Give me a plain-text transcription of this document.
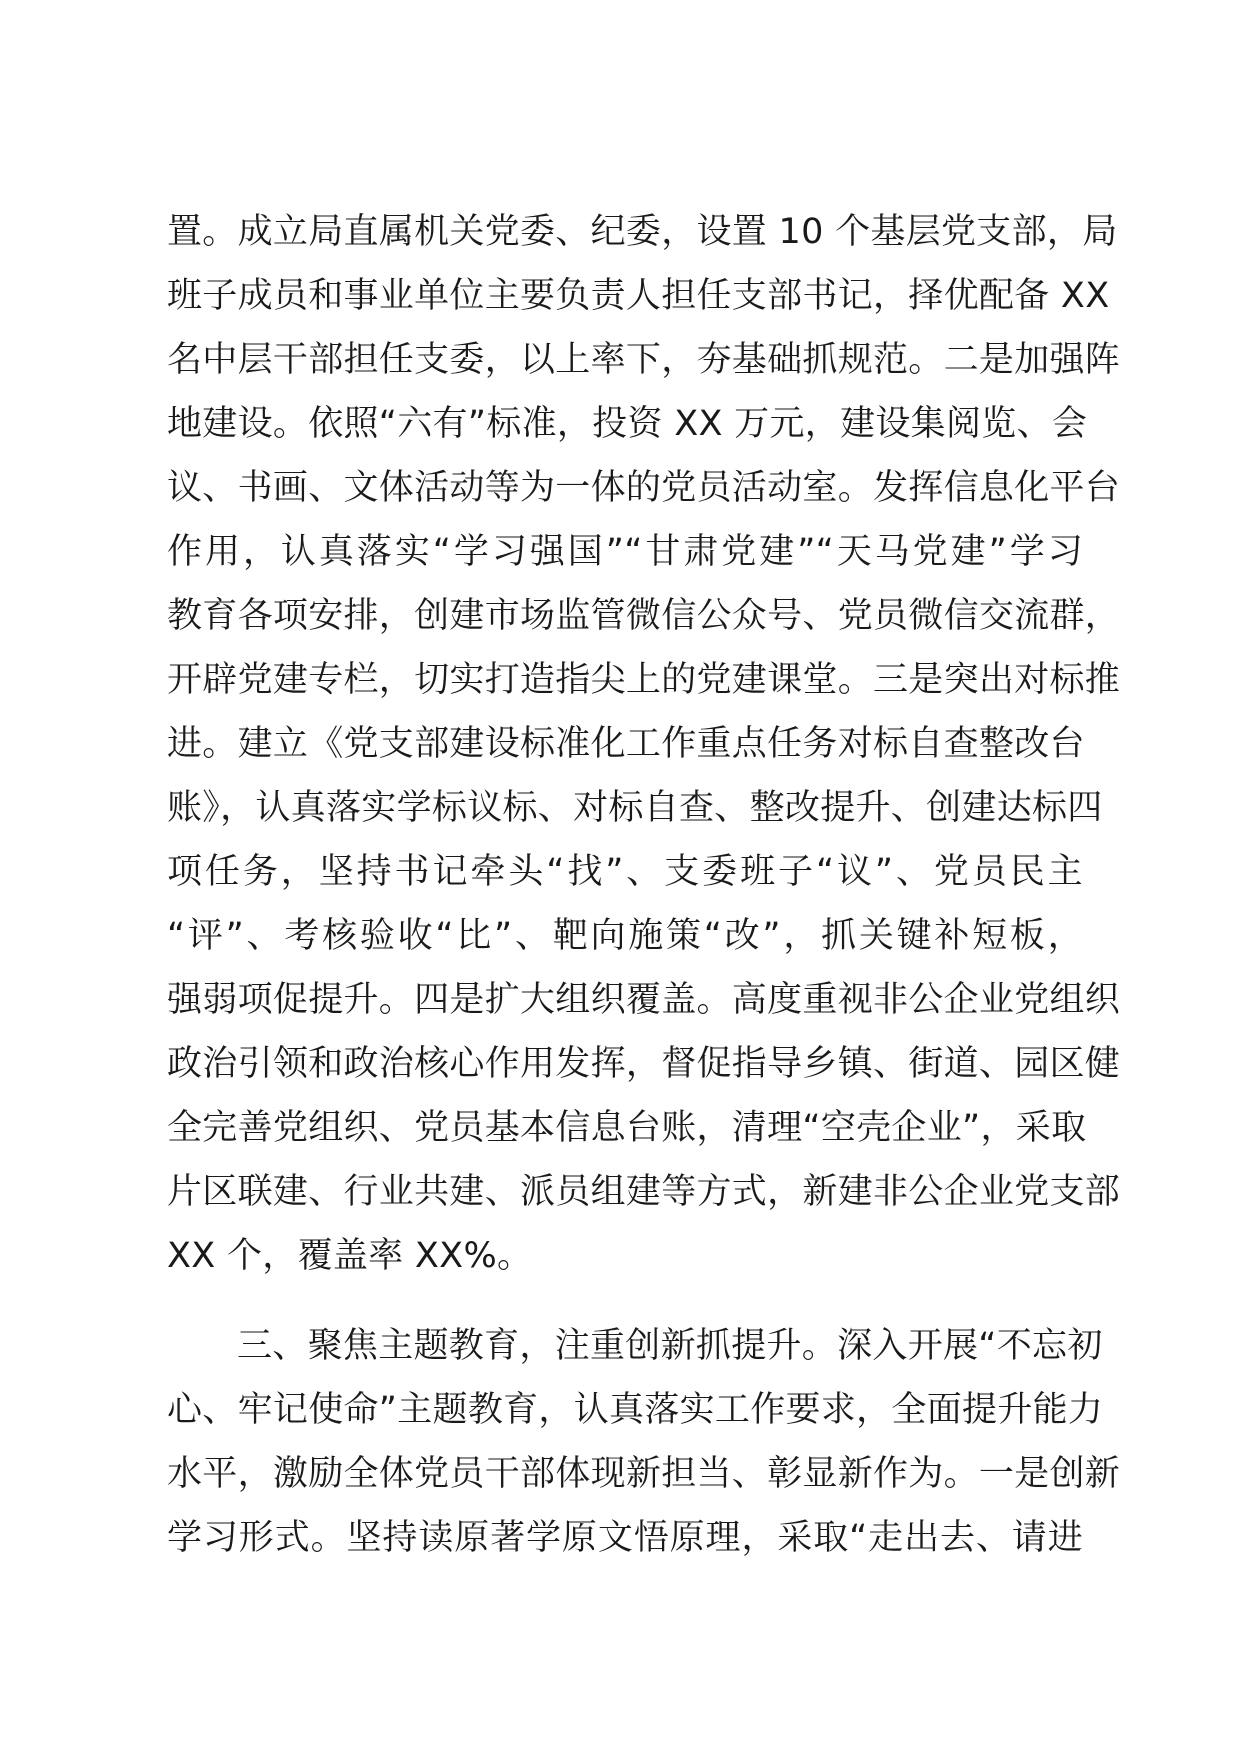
置。成立局直属机关党委、纪委，设置 10 个基层党支部，局
班子成员和事业单位主要负责人担任支部书记，择优配备 XX
名中层干部担任支委，以上率下，夯基础抓规范。二是加强阵
地建设。依照“六有”标准，投资 XX 万元，建设集阅览、会
议、书画、文体活动等为一体的党员活动室。发挥信息化平台
作用，认真落实“学习强国”“甘肃党建”“天马党建”学习
教育各项安排，创建市场监管微信公众号、党员微信交流群，
开辟党建专栏，切实打造指尖上的党建课堂。三是突出对标推
进。建立《党支部建设标准化工作重点任务对标自查整改台
账》，认真落实学标议标、对标自查、整改提升、创建达标四
项任务，坚持书记牵头“找”、支委班子“议”、党员民主
“评”、考核验收“比”、靶向施策“改”，抓关键补短板，
强弱项促提升。四是扩大组织覆盖。高度重视非公企业党组织
政治引领和政治核心作用发挥，督促指导乡镇、街道、园区健
全完善党组织、党员基本信息台账，清理“空壳企业”，采取
片区联建、行业共建、派员组建等方式，新建非公企业党支部
XX 个，覆盖率 XX%。
三、聚焦主题教育，注重创新抓提升。深入开展“不忘初
心、牢记使命”主题教育，认真落实工作要求，全面提升能力
水平，激励全体党员干部体现新担当、彰显新作为。一是创新
学习形式。坚持读原著学原文悟原理，采取“走出去、请进
